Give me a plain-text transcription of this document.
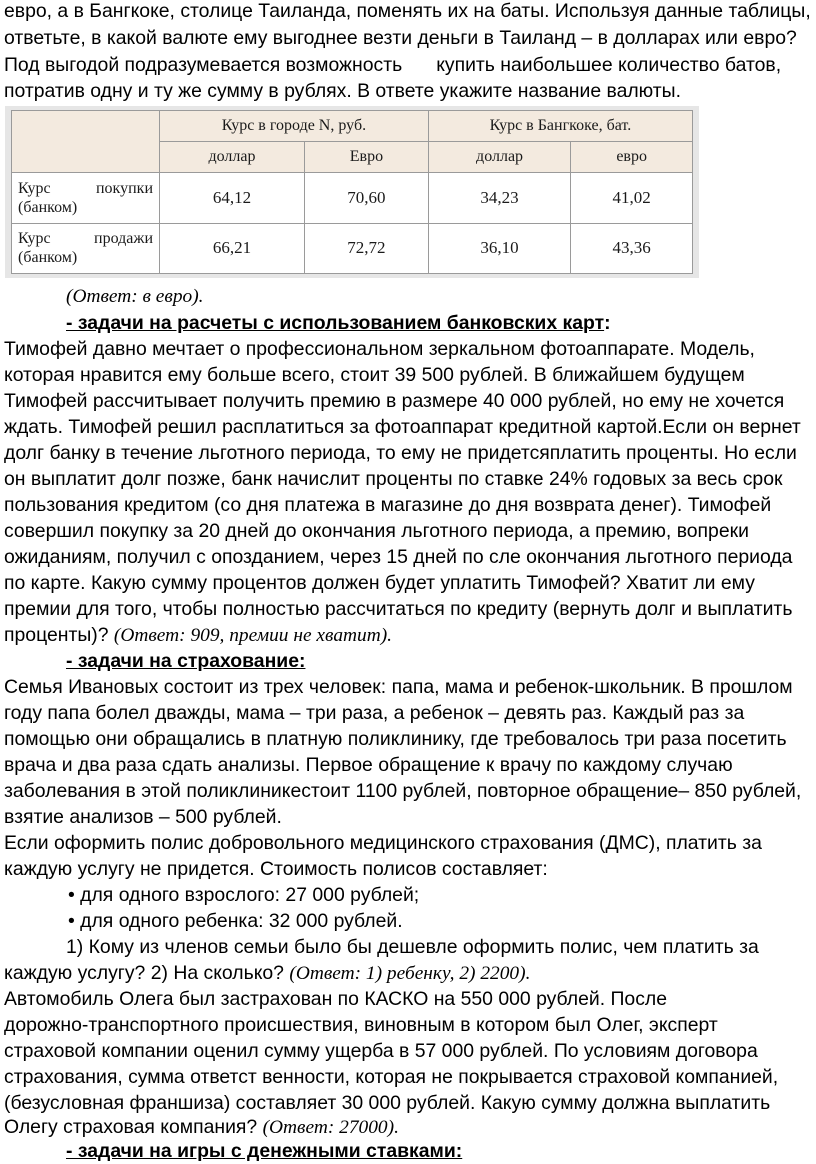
евро, а в Бангкоке, столице Таиланда, поменять их на баты. Используя данные таблицы,
ответьте, в какой валюте ему выгоднее везти деньги в Таиланд – в долларах или евро?
Под выгодой подразумевается возможность купить наибольшее количество батов,
потратив одну и ту же сумму в рублях. В ответе укажите название валюты.
	Курс в городе N, руб.		Курс в Бангкоке, бат.	
	доллар	Евро	доллар	евро
Курс покупки (банком)	64,12	70,60	34,23	41,02
Курс продажи (банком)	66,21	72,72	36,10	43,36
(Ответ: в евро).
- задачи на расчеты с использованием банковских карт:
Тимофей давно мечтает о профессиональном зеркальном фотоаппарате. Модель,
которая нравится ему больше всего, стоит 39 500 рублей. В ближайшем будущем
Тимофей рассчитывает получить премию в размере 40 000 рублей, но ему не хочется
ждать. Тимофей решил расплатиться за фотоаппарат кредитной картой.Если он вернет
долг банку в течение льготного периода, то ему не придетсяплатить проценты. Но если
он выплатит долг позже, банк начислит проценты по ставке 24% годовых за весь срок
пользования кредитом (со дня платежа в магазине до дня возврата денег). Тимофей
совершил покупку за 20 дней до окончания льготного периода, а премию, вопреки
ожиданиям, получил с опозданием, через 15 дней по сле окончания льготного периода
по карте. Какую сумму процентов должен будет уплатить Тимофей? Хватит ли ему
премии для того, чтобы полностью рассчитаться по кредиту (вернуть долг и выплатить
проценты)? (Ответ: 909, премии не хватит).
- задачи на страхование:
Семья Ивановых состоит из трех человек: папа, мама и ребенок-школьник. В прошлом
году папа болел дважды, мама – три раза, а ребенок – девять раз. Каждый раз за
помощью они обращались в платную поликлинику, где требовалось три раза посетить
врача и два раза сдать анализы. Первое обращение к врачу по каждому случаю
заболевания в этой поликлиникестоит 1100 рублей, повторное обращение– 850 рублей,
взятие анализов – 500 рублей.
Если оформить полис добровольного медицинского страхования (ДМС), платить за
каждую услугу не придется. Стоимость полисов составляет:
• для одного взрослого: 27 000 рублей;
• для одного ребенка: 32 000 рублей.
1) Кому из членов семьи было бы дешевле оформить полис, чем платить за
каждую услугу? 2) На сколько? (Ответ: 1) ребенку, 2) 2200).
Автомобиль Олега был застрахован по КАСКО на 550 000 рублей. После
дорожно-транспортного происшествия, виновным в котором был Олег, эксперт
страховой компании оценил сумму ущерба в 57 000 рублей. По условиям договора
страхования, сумма ответст венности, которая не покрывается страховой компанией,
(безусловная франшиза) составляет 30 000 рублей. Какую сумму должна выплатить
Олегу страховая компания? (Ответ: 27000).
- задачи на игры с денежными ставками:
